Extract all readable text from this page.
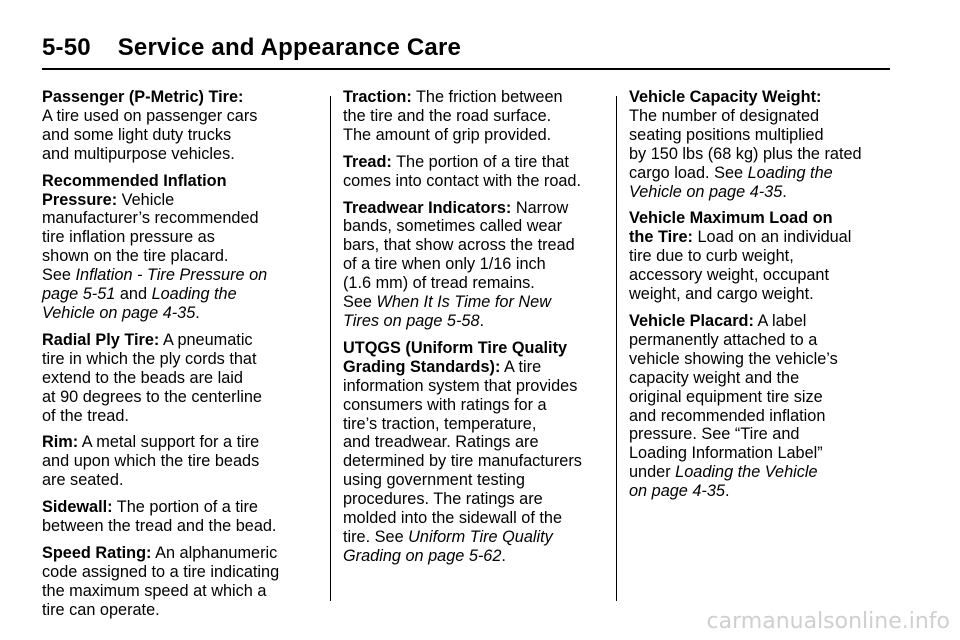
5-50 Service and Appearance Care
Passenger (P-Metric) Tire:
A tire used on passenger cars
and some light duty trucks
and multipurpose vehicles.
Recommended Inflation
Pressure: Vehicle
manufacturer’s recommended
tire inflation pressure as
shown on the tire placard.
See Inflation - Tire Pressure on
page 5-51 and Loading the
Vehicle on page 4-35.
Radial Ply Tire: A pneumatic
tire in which the ply cords that
extend to the beads are laid
at 90 degrees to the centerline
of the tread.
Rim: A metal support for a tire
and upon which the tire beads
are seated.
Sidewall: The portion of a tire
between the tread and the bead.
Speed Rating: An alphanumeric
code assigned to a tire indicating
the maximum speed at which a
tire can operate.
Traction: The friction between
the tire and the road surface.
The amount of grip provided.
Tread: The portion of a tire that
comes into contact with the road.
Treadwear Indicators: Narrow
bands, sometimes called wear
bars, that show across the tread
of a tire when only 1/16 inch
(1.6 mm) of tread remains.
See When It Is Time for New
Tires on page 5-58.
UTQGS (Uniform Tire Quality
Grading Standards): A tire
information system that provides
consumers with ratings for a
tire’s traction, temperature,
and treadwear. Ratings are
determined by tire manufacturers
using government testing
procedures. The ratings are
molded into the sidewall of the
tire. See Uniform Tire Quality
Grading on page 5-62.
Vehicle Capacity Weight:
The number of designated
seating positions multiplied
by 150 lbs (68 kg) plus the rated
cargo load. See Loading the
Vehicle on page 4-35.
Vehicle Maximum Load on
the Tire: Load on an individual
tire due to curb weight,
accessory weight, occupant
weight, and cargo weight.
Vehicle Placard: A label
permanently attached to a
vehicle showing the vehicle’s
capacity weight and the
original equipment tire size
and recommended inflation
pressure. See “Tire and
Loading Information Label”
under Loading the Vehicle
on page 4-35.
carmanualsonline.info
